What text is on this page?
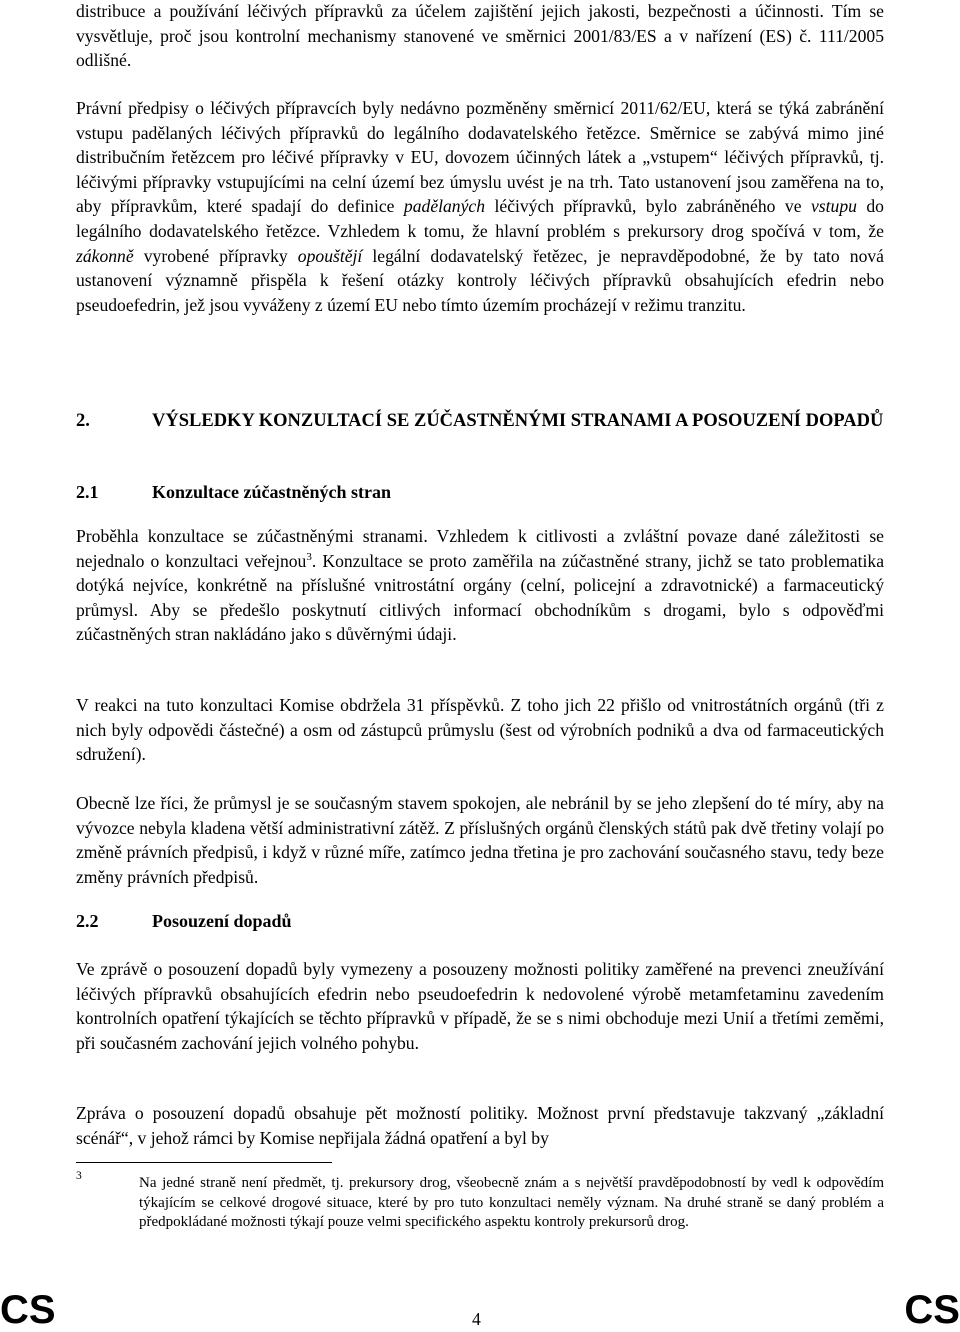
distribuce a používání léčivých přípravků za účelem zajištění jejich jakosti, bezpečnosti a účinnosti. Tím se vysvětluje, proč jsou kontrolní mechanismy stanovené ve směrnici 2001/83/ES a v nařízení (ES) č. 111/2005 odlišné.

Právní předpisy o léčivých přípravcích byly nedávno pozměněny směrnicí 2011/62/EU, která se týká zabránění vstupu padělaných léčivých přípravků do legálního dodavatelského řetězce. Směrnice se zabývá mimo jiné distribučním řetězcem pro léčivé přípravky v EU, dovozem účinných látek a „vstupem“ léčivých přípravků, tj. léčivými přípravky vstupujícími na celní území bez úmyslu uvést je na trh. Tato ustanovení jsou zaměřena na to, aby přípravkům, které spadají do definice padělaných léčivých přípravků, bylo zabráněného ve vstupu do legálního dodavatelského řetězce. Vzhledem k tomu, že hlavní problém s prekursory drog spočívá v tom, že zákonně vyrobené přípravky opouštějí legální dodavatelský řetězec, je nepravděpodobné, že by tato nová ustanovení významně přispěla k řešení otázky kontroly léčivých přípravků obsahujících efedrin nebo pseudoefedrin, jež jsou vyváženy z území EU nebo tímto územím procházejí v režimu tranzitu.

2.	VÝSLEDKY KONZULTACÍ SE ZÚČASTNĚNÝMI STRANAMI A POSOUZENÍ DOPADŮ
2.1	Konzultace zúčastněných stran

Proběhla konzultace se zúčastněnými stranami. Vzhledem k citlivosti a zvláštní povaze dané záležitosti se nejednalo o konzultaci veřejnou$^3$. Konzultace se proto zaměřila na zúčastněné strany, jichž se tato problematika dotýká nejvíce, konkrétně na příslušné vnitrostátní orgány (celní, policejní a zdravotnické) a farmaceutický průmysl. Aby se předešlo poskytnutí citlivých informací obchodníkům s drogami, bylo s odpověďmi zúčastněných stran nakládáno jako s důvěrnými údaji.

V reakci na tuto konzultaci Komise obdržela 31 příspěvků. Z toho jich 22 přišlo od vnitrostátních orgánů (tři z nich byly odpovědi částečné) a osm od zástupců průmyslu (šest od výrobních podniků a dva od farmaceutických sdružení).

Obecně lze říci, že průmysl je se současným stavem spokojen, ale nebránil by se jeho zlepšení do té míry, aby na vývozce nebyla kladena větší administrativní zátěž. Z příslušných orgánů členských států pak dvě třetiny volají po změně právních předpisů, i když v různé míře, zatímco jedna třetina je pro zachování současného stavu, tedy beze změny právních předpisů.

2.2	Posouzení dopadů

Ve zprávě o posouzení dopadů byly vymezeny a posouzeny možnosti politiky zaměřené na prevenci zneužívání léčivých přípravků obsahujících efedrin nebo pseudoefedrin k nedovolené výrobě metamfetaminu zavedením kontrolních opatření týkajících se těchto přípravků v případě, že se s nimi obchoduje mezi Unií a třetími zeměmi, při současném zachování jejich volného pohybu.

Zpráva o posouzení dopadů obsahuje pět možností politiky. Možnost první představuje takzvaný „základní scénář“, v jehož rámci by Komise nepřijala žádná opatření a byl by

3	Na jedné straně není předmět, tj. prekursory drog, všeobecně znám a s největší pravděpodobností by vedl k odpovědím týkajícím se celkové drogové situace, které by pro tuto konzultaci neměly význam. Na druhé straně se daný problém a předpokládané možnosti týkají pouze velmi specifického aspektu kontroly prekursorů drog.
CS	4	CS
